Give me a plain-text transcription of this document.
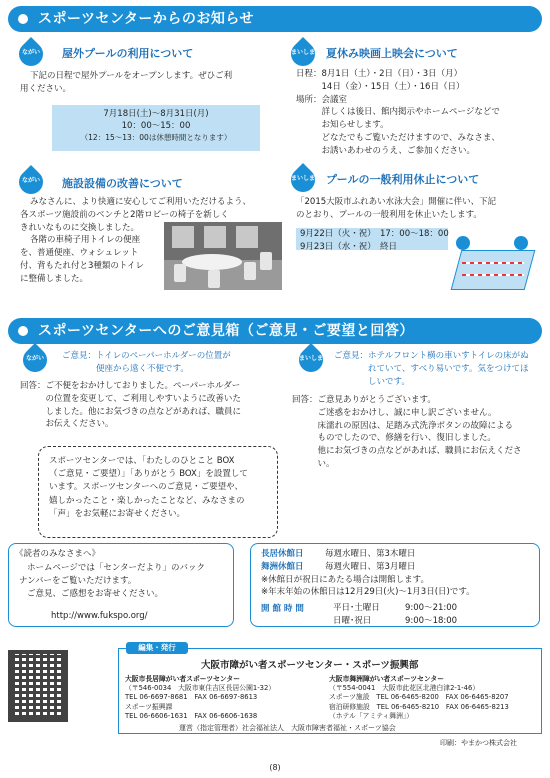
スポーツセンターからのお知らせ
ながい	屋外プールの利用について
下記の日程で屋外プールをオープンします。ぜひご利
用ください。
7月18日(土)～8月31日(月)
10：00～15：00
（12：15～13：00は休憩時間となります）
まいしま 夏休み映画上映会について
日程：8月1日（土）・2日（日）・3日（月）
　　　14日（金）・15日（土）・16日（日）
場所：会議室
　　　詳しくは後日、館内掲示やホームページなどで
　　　お知らせします。
　　　どなたでもご覧いただけますので、みなさま、
　　　お誘いあわせのうえ、ご参加ください。
ながい	施設設備の改善について
みなさんに、より快適に安心してご利用いただけるよう、
各スポーツ施設前のベンチと2階ロビーの椅子を新しく
きれいなものに交換しました。
各階の車椅子用トイレの便座
を、普通便座、ウォシュレット
付、背もたれ付と3種類のトイレ
に整備しました。
まいしま プールの一般利用休止について
「2015大阪市ふれあい水泳大会」開催に伴い、下記
のとおり、プールの一般利用を休止いたします。
9月22日（火・祝）　17：00～18：00
9月23日（水・祝）　終日
スポーツセンターへのご意見箱（ご意見・ご要望と回答）
ながい	ご意見：トイレのペーパーホルダーの位置が
　　　　便座から遠く不便です。
回答：ご不便をおかけしておりました。ペーパーホルダー
　　　の位置を変更して、ご利用しやすいように改善いた
　　　しました。他にお気づきの点などがあれば、職員に
　　　お伝えください。
まいしま	ご意見：ホテルフロント横の車いすトイレの床がぬ
　　　　れていて、すべり易いです。気をつけてほ
　　　　しいです。
回答：ご意見ありがとうございます。
　　　ご迷惑をおかけし、誠に申し訳ございません。
　　　床濡れの原因は、足踏み式洗浄ボタンの故障による
　　　ものでしたので、修繕を行い、復旧しました。
　　　他にお気づきの点などがあれば、職員にお伝えくださ
　　　い。
スポーツセンターでは、「わたしのひとこと BOX
（ご意見・ご要望）」「ありがとう BOX」を設置して
います。スポーツセンターへのご意見・ご要望や、
嬉しかったこと・楽しかったことなど、みなさまの
「声」をお気軽にお寄せください。
《読者のみなさまへ》
ホームページでは「センターだより」のバック
ナンバーをご覧いただけます。
ご意見、ご感想をお寄せください。
http://www.fukspo.org/
長居休館日	毎週水曜日、第3木曜日
舞洲休館日	毎週火曜日、第3月曜日
※休館日が祝日にあたる場合は開館します。
※年末年始の休館日は12月29日(火)～1月3日(日)です。
開 館 時 間	平日･土曜日	9:00～21:00
日曜･祝日	9:00～18:00
大阪市障がい者スポーツセンター・スポーツ振興部
大阪市長居障がい者スポーツセンター
（〒546-0034　大阪市東住吉区長居公園1-32）
TEL 06-6697-8681　FAX 06-6697-8613
スポーツ振興課
TEL 06-6606-1631　FAX 06-6606-1638
大阪市舞洲障がい者スポーツセンター
（〒554-0041　大阪市此花区北港白津2-1-46）
スポーツ施設　TEL 06-6465-8200　FAX 06-6465-8207
宿泊研修施設　TEL 06-6465-8210　FAX 06-6465-8213
（ホテル「アミティ舞洲」）
運営（指定管理者）社会福祉法人　大阪市障害者福祉・スポーツ協会
編集・発行
印刷：やまかつ株式会社
(8)
